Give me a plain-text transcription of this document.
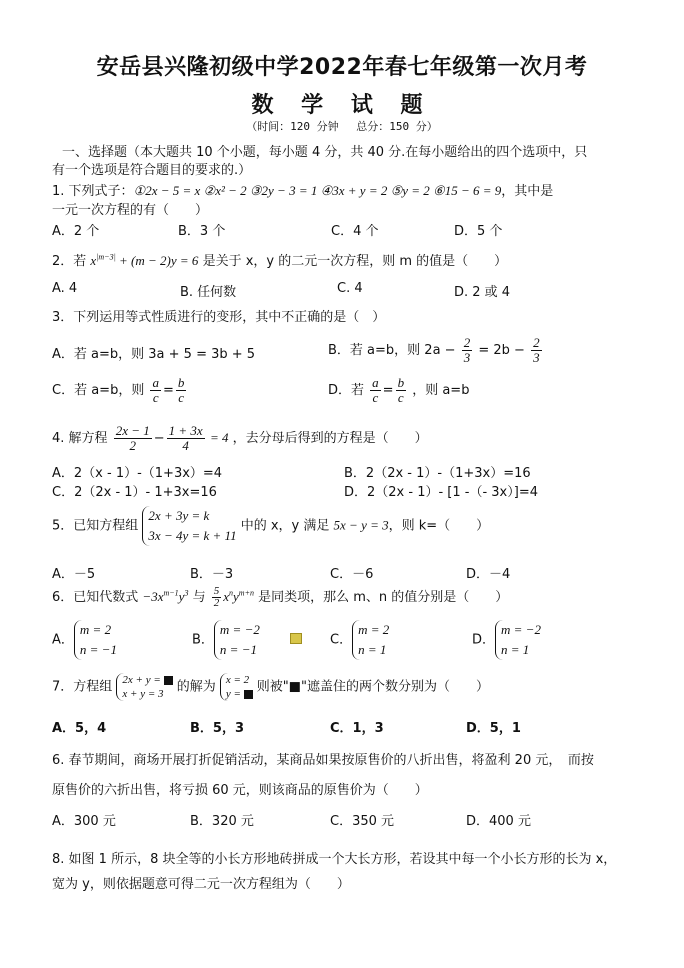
安岳县兴隆初级中学2022年春七年级第一次月考
数 学 试 题
（时间：120 分钟　 总分：150 分）
一、选择题（本大题共 10 个小题，每小题 4 分，共 40 分.在每小题给出的四个选项中，只
有一个选项是符合题目的要求的.）
1. 下列式子：①2x − 5 = x ②x² − 2 ③2y − 3 = 1 ④3x + y = 2 ⑤y = 2 ⑥15 − 6 = 9，其中是
一元一次方程的有（　　）
A．2 个	B．3 个	C．4 个	D．5 个
2．若 $x^{|m-3|} + (m - 2)y = 6$ 是关于 x，y 的二元一次方程，则 m 的值是（　　）
A. 4	B. 任何数	C. 4	D. 2 或 4
3．下列运用等式性质进行的变形，其中不正确的是（　）
A．若 a=b，则 3a + 5 = 3b + 5	B．若 a=b，则 $2a - \frac{2}{3} = 2b - \frac{2}{3}$
C．若 a=b，则 $\frac{a}{c} = \frac{b}{c}$	D．若 $\frac{a}{c} = \frac{b}{c}$ ，则 a=b
4. 解方程 $\frac{2x - 1}{2} - \frac{1 + 3x}{4} = 4$ ，去分母后得到的方程是（　　）
A．2（x - 1）-（1+3x）=4	B．2（2x - 1）-（1+3x）=16
C．2（2x - 1）- 1+3x=16	D．2（2x - 1）- [1 -（- 3x）]=4
5．已知方程组
2x + 3y = k
3x − 4y = k + 11
中的 x，y 满足 5x − y = 3，则 k=（　　）
A．－5	B．－3	C．－6	D．－4
6．已知代数式 $-3x^{m-1}y^3$ 与 $\frac{5}{2} x^ny^{m+n}$ 是同类项，那么 m、n 的值分别是（　　）
A．
m = 2
n = −1
B．
m = −2
n = −1
C．
m = 2
n = 1
D．
m = −2
n = 1
7．方程组 2x + y =
x + y = 3	的解为 x = 2
y =	则被"■"遮盖住的两个数分别为（　　）
A．5，4	B．5，3	C．1，3	D．5，1
6. 春节期间，商场开展打折促销活动，某商品如果按原售价的八折出售，将盈利 20 元，　而按
原售价的六折出售，将亏损 60 元，则该商品的原售价为（　　）
A．300 元	B．320 元	C．350 元	D．400 元
8. 如图 1 所示，8 块全等的小长方形地砖拼成一个大长方形，若设其中每一个小长方形的长为 x，
宽为 y，则依据题意可得二元一次方程组为（　　）
